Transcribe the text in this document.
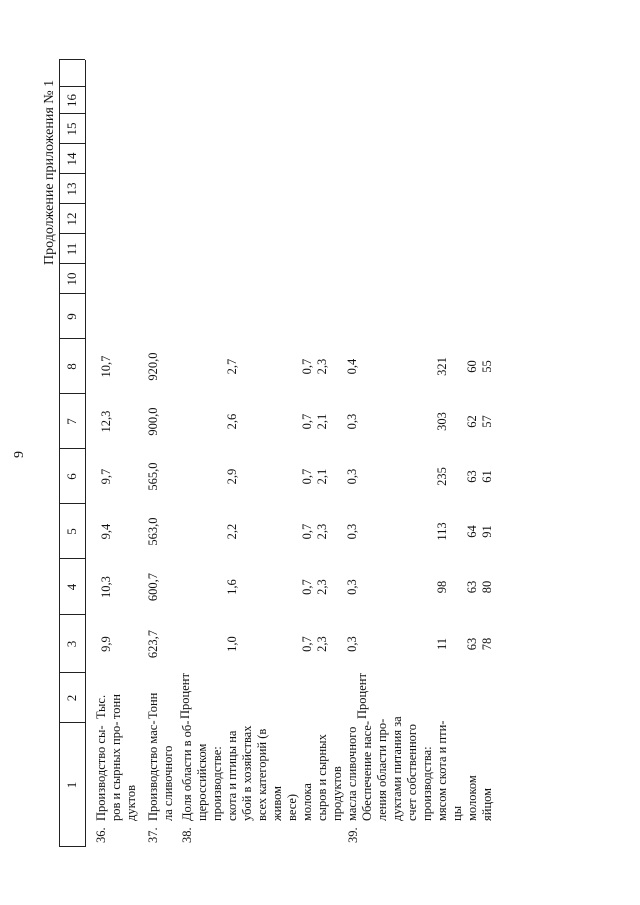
9
Продолжение приложения № 1
1
2
3
4
5
6
7
8
9
10
11
12
13
14
15
16
36.
Производство сы- ров и сырных про- дуктов
Тыс. тонн
9,9
10,3
9,4
9,7
12,3
10,7
37.
Производство мас- ла сливочного
Тонн
623,7
600,7
563,0
565,0
900,0
920,0
38.
Доля области в об- щероссийском производстве:
Процент
скота и птицы на убой в хозяйствах всех категорий (в живом весе)
1,0
1,6
2,2
2,9
2,6
2,7
молока
0,7
0,7
0,7
0,7
0,7
0,7
сыров и сырных продуктов
2,3
2,3
2,3
2,1
2,1
2,3
масла сливочного
0,3
0,3
0,3
0,3
0,3
0,4
39.
Обеспечение насе- ления области про- дуктами питания за счет собственного производства:
Процент
мясом скота и пти- цы
11
98
113
235
303
321
молоком
63
63
64
63
62
60
яйцом
78
80
91
61
57
55
